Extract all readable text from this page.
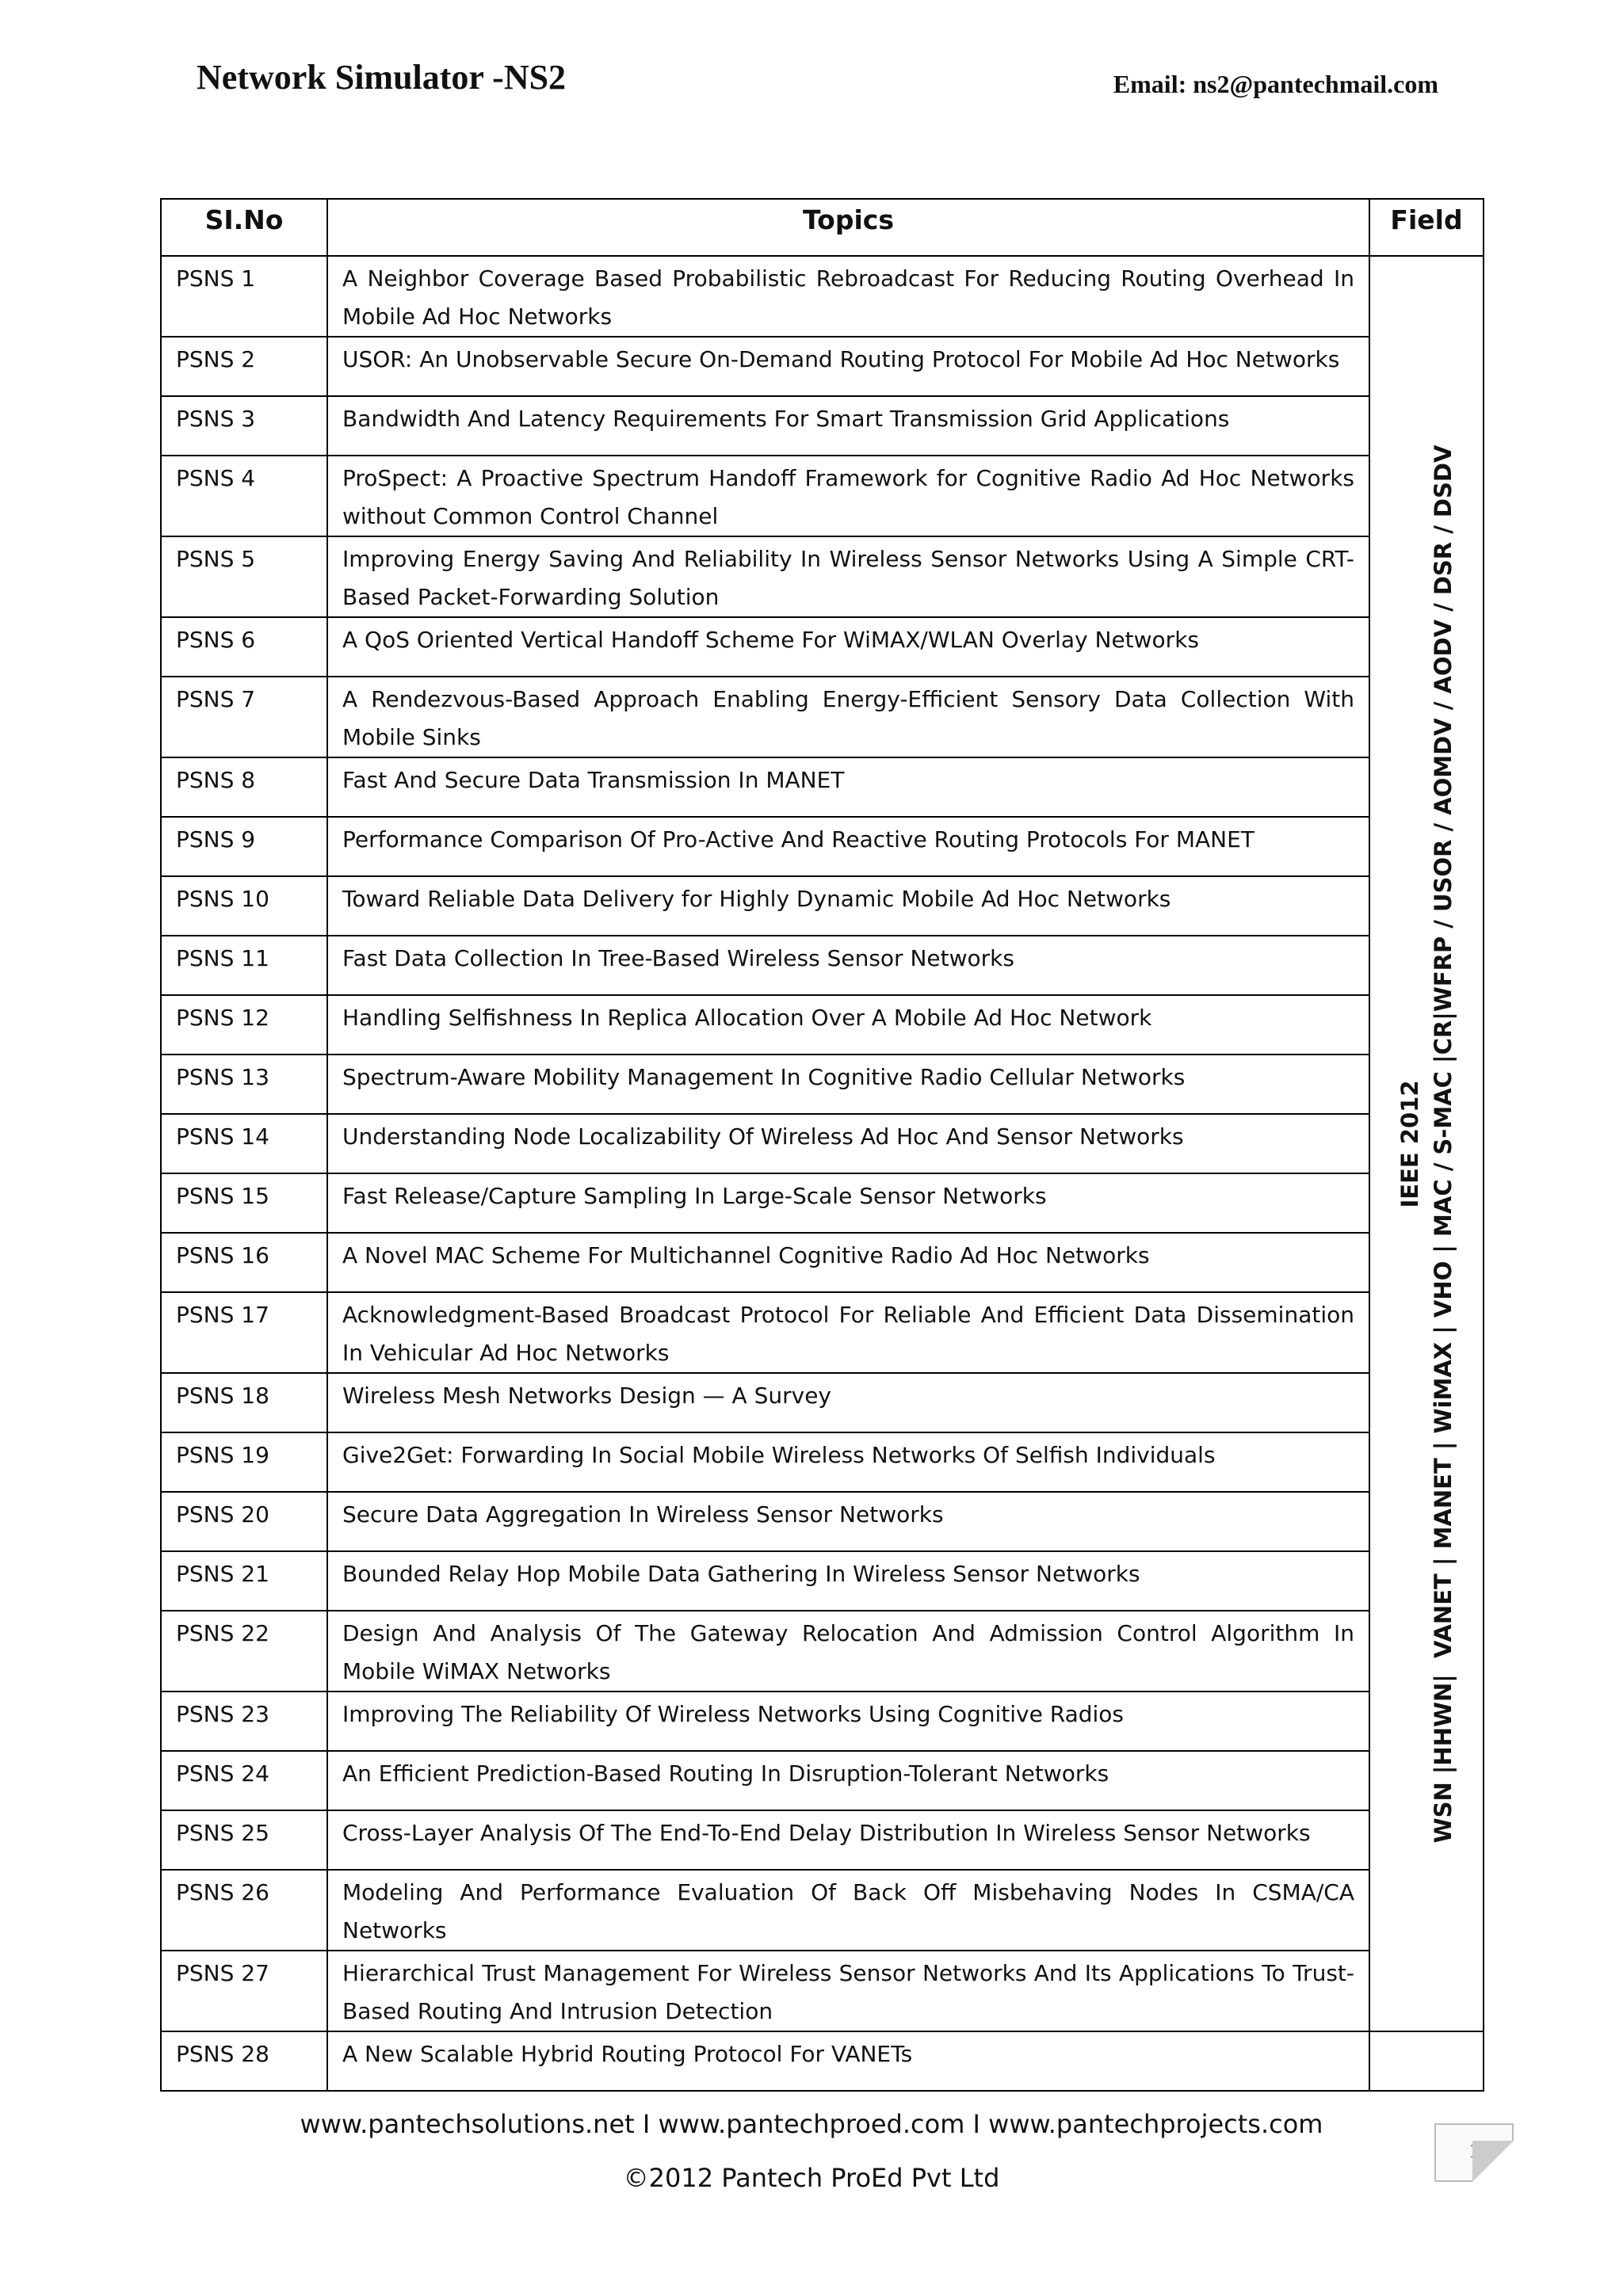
Network Simulator -NS2	Email: ns2@pantechmail.com
SI.No	Topics	Field
PSNS 1	A Neighbor Coverage Based Probabilistic Rebroadcast For Reducing Routing Overhead In Mobile Ad Hoc Networks	IEEE 2012
WSN |HHWN|  VANET | MANET | WiMAX | VHO | MAC / S-MAC |CR|WFRP / USOR / AOMDV / AODV / DSR / DSDV

PSNS 2	USOR: An Unobservable Secure On-Demand Routing Protocol For Mobile Ad Hoc Networks	
PSNS 3	Bandwidth And Latency Requirements For Smart Transmission Grid Applications	
PSNS 4	ProSpect: A Proactive Spectrum Handoff Framework for Cognitive Radio Ad Hoc Networks without Common Control Channel	
PSNS 5	Improving Energy Saving And Reliability In Wireless Sensor Networks Using A Simple CRT-Based Packet-Forwarding Solution	
PSNS 6	A QoS Oriented Vertical Handoff Scheme For WiMAX/WLAN Overlay Networks	
PSNS 7	A Rendezvous-Based Approach Enabling Energy-Efficient Sensory Data Collection With Mobile Sinks	
PSNS 8	Fast And Secure Data Transmission In MANET	
PSNS 9	Performance Comparison Of Pro-Active And Reactive Routing Protocols For MANET	
PSNS 10	Toward Reliable Data Delivery for Highly Dynamic Mobile Ad Hoc Networks	
PSNS 11	Fast Data Collection In Tree-Based Wireless Sensor Networks	
PSNS 12	Handling Selfishness In Replica Allocation Over A Mobile Ad Hoc Network	
PSNS 13	Spectrum-Aware Mobility Management In Cognitive Radio Cellular Networks	
PSNS 14	Understanding Node Localizability Of Wireless Ad Hoc And Sensor Networks	
PSNS 15	Fast Release/Capture Sampling In Large-Scale Sensor Networks	
PSNS 16	A Novel MAC Scheme For Multichannel Cognitive Radio Ad Hoc Networks	
PSNS 17	Acknowledgment-Based Broadcast Protocol For Reliable And Efficient Data Dissemination In Vehicular Ad Hoc Networks	
PSNS 18	Wireless Mesh Networks Design — A Survey	
PSNS 19	Give2Get: Forwarding In Social Mobile Wireless Networks Of Selfish Individuals	
PSNS 20	Secure Data Aggregation In Wireless Sensor Networks	
PSNS 21	Bounded Relay Hop Mobile Data Gathering In Wireless Sensor Networks	
PSNS 22	Design And Analysis Of The Gateway Relocation And Admission Control Algorithm In Mobile WiMAX Networks	
PSNS 23	Improving The Reliability Of Wireless Networks Using Cognitive Radios	
PSNS 24	An Efficient Prediction-Based Routing In Disruption-Tolerant Networks	
PSNS 25	Cross-Layer Analysis Of The End-To-End Delay Distribution In Wireless Sensor Networks	
PSNS 26	Modeling And Performance Evaluation Of Back Off Misbehaving Nodes In CSMA/CA Networks	
PSNS 27	Hierarchical Trust Management For Wireless Sensor Networks And Its Applications To Trust-Based Routing And Intrusion Detection	
PSNS 28	A New Scalable Hybrid Routing Protocol For VANETs	
www.pantechsolutions.net I www.pantechproed.com I www.pantechprojects.com
©2012 Pantech ProEd Pvt Ltd
1
